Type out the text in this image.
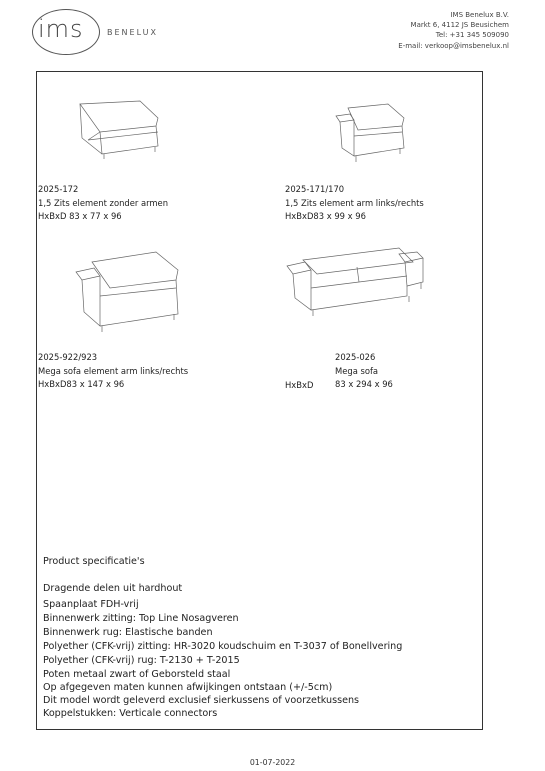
ims	BENELUX
IMS Benelux B.V.
Markt 6, 4112 JS Beusichem
Tel: +31 345 509090
E-mail: verkoop@imsbenelux.nl
2025-172
1,5 Zits element zonder armen
HxBxD 83 x 77 x 96
2025-171/170
1,5 Zits element arm links/rechts
HxBxD83 x 99 x 96
2025-922/923
Mega sofa element arm links/rechts
HxBxD83 x 147 x 96
2025-026
Mega sofa
HxBxD	83 x 294 x 96
Product specificatie's
Dragende delen uit hardhout
Spaanplaat FDH-vrij
Binnenwerk zitting: Top Line Nosagveren
Binnenwerk rug: Elastische banden
Polyether (CFK-vrij) zitting: HR-3020 koudschuim en T-3037 of Bonellvering
Polyether (CFK-vrij) rug: T-2130 + T-2015
Poten metaal zwart of Geborsteld staal
Op afgegeven maten kunnen afwijkingen ontstaan (+/-5cm)
Dit model wordt geleverd exclusief sierkussens of voorzetkussens
Koppelstukken: Verticale connectors
01-07-2022
